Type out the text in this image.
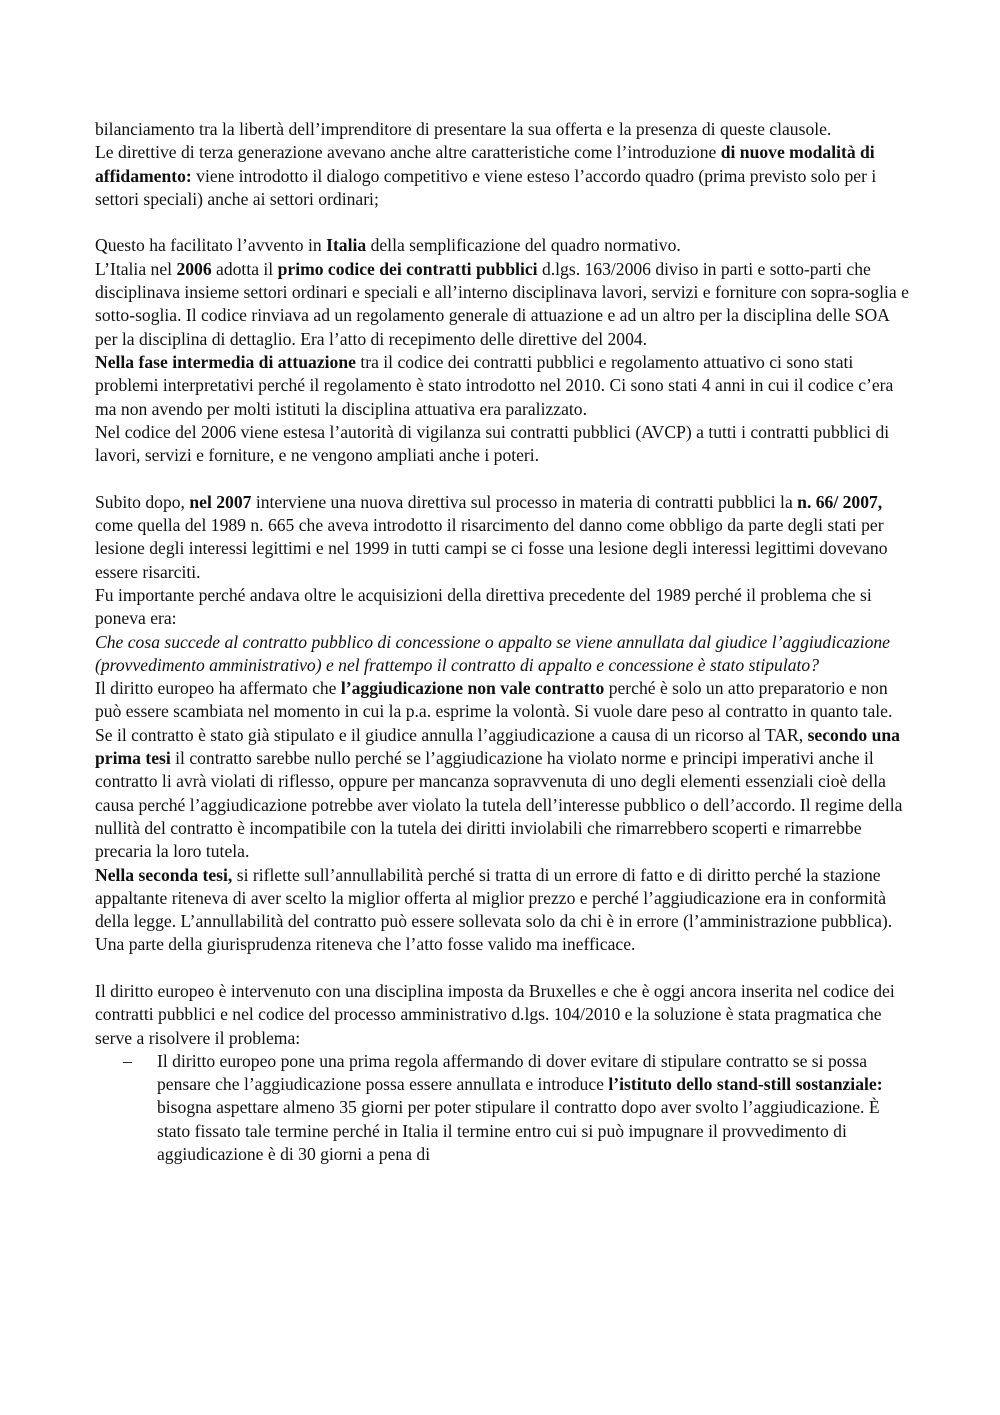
bilanciamento tra la libertà dell’imprenditore di presentare la sua offerta e la presenza di queste clausole.

Le direttive di terza generazione avevano anche altre caratteristiche come l’introduzione di nuove modalità di affidamento: viene introdotto il dialogo competitivo e viene esteso l’accordo quadro (prima previsto solo per i settori speciali) anche ai settori ordinari;

Questo ha facilitato l’avvento in Italia della semplificazione del quadro normativo.

L’Italia nel 2006 adotta il primo codice dei contratti pubblici d.lgs. 163/2006 diviso in parti e sotto-parti che disciplinava insieme settori ordinari e speciali e all’interno disciplinava lavori, servizi e forniture con sopra-soglia e sotto-soglia. Il codice rinviava ad un regolamento generale di attuazione e ad un altro per la disciplina delle SOA per la disciplina di dettaglio. Era l’atto di recepimento delle direttive del 2004.

Nella fase intermedia di attuazione tra il codice dei contratti pubblici e regolamento attuativo ci sono stati problemi interpretativi perché il regolamento è stato introdotto nel 2010. Ci sono stati 4 anni in cui il codice c’era ma non avendo per molti istituti la disciplina attuativa era paralizzato.

Nel codice del 2006 viene estesa l’autorità di vigilanza sui contratti pubblici (AVCP) a tutti i contratti pubblici di lavori, servizi e forniture, e ne vengono ampliati anche i poteri.

Subito dopo, nel 2007 interviene una nuova direttiva sul processo in materia di contratti pubblici la n. 66/ 2007, come quella del 1989 n. 665 che aveva introdotto il risarcimento del danno come obbligo da parte degli stati per lesione degli interessi legittimi e nel 1999 in tutti campi se ci fosse una lesione degli interessi legittimi dovevano essere risarciti.

Fu importante perché andava oltre le acquisizioni della direttiva precedente del 1989 perché il problema che si poneva era:

Che cosa succede al contratto pubblico di concessione o appalto se viene annullata dal giudice l’aggiudicazione (provvedimento amministrativo) e nel frattempo il contratto di appalto e concessione è stato stipulato?

Il diritto europeo ha affermato che l’aggiudicazione non vale contratto perché è solo un atto preparatorio e non può essere scambiata nel momento in cui la p.a. esprime la volontà. Si vuole dare peso al contratto in quanto tale.

Se il contratto è stato già stipulato e il giudice annulla l’aggiudicazione a causa di un ricorso al TAR, secondo una prima tesi il contratto sarebbe nullo perché se l’aggiudicazione ha violato norme e principi imperativi anche il contratto li avrà violati di riflesso, oppure per mancanza sopravvenuta di uno degli elementi essenziali cioè della causa perché l’aggiudicazione potrebbe aver violato la tutela dell’interesse pubblico o dell’accordo. Il regime della nullità del contratto è incompatibile con la tutela dei diritti inviolabili che rimarrebbero scoperti e rimarrebbe precaria la loro tutela.

Nella seconda tesi, si riflette sull’annullabilità perché si tratta di un errore di fatto e di diritto perché la stazione appaltante riteneva di aver scelto la miglior offerta al miglior prezzo e perché l’aggiudicazione era in conformità della legge. L’annullabilità del contratto può essere sollevata solo da chi è in errore (l’amministrazione pubblica).

Una parte della giurisprudenza riteneva che l’atto fosse valido ma inefficace.

Il diritto europeo è intervenuto con una disciplina imposta da Bruxelles e che è oggi ancora inserita nel codice dei contratti pubblici e nel codice del processo amministrativo d.lgs. 104/2010 e la soluzione è stata pragmatica che serve a risolvere il problema:

– Il diritto europeo pone una prima regola affermando di dover evitare di stipulare contratto se si possa pensare che l’aggiudicazione possa essere annullata e introduce l’istituto dello stand-still sostanziale: bisogna aspettare almeno 35 giorni per poter stipulare il contratto dopo aver svolto l’aggiudicazione. È stato fissato tale termine perché in Italia il termine entro cui si può impugnare il provvedimento di aggiudicazione è di 30 giorni a pena di
